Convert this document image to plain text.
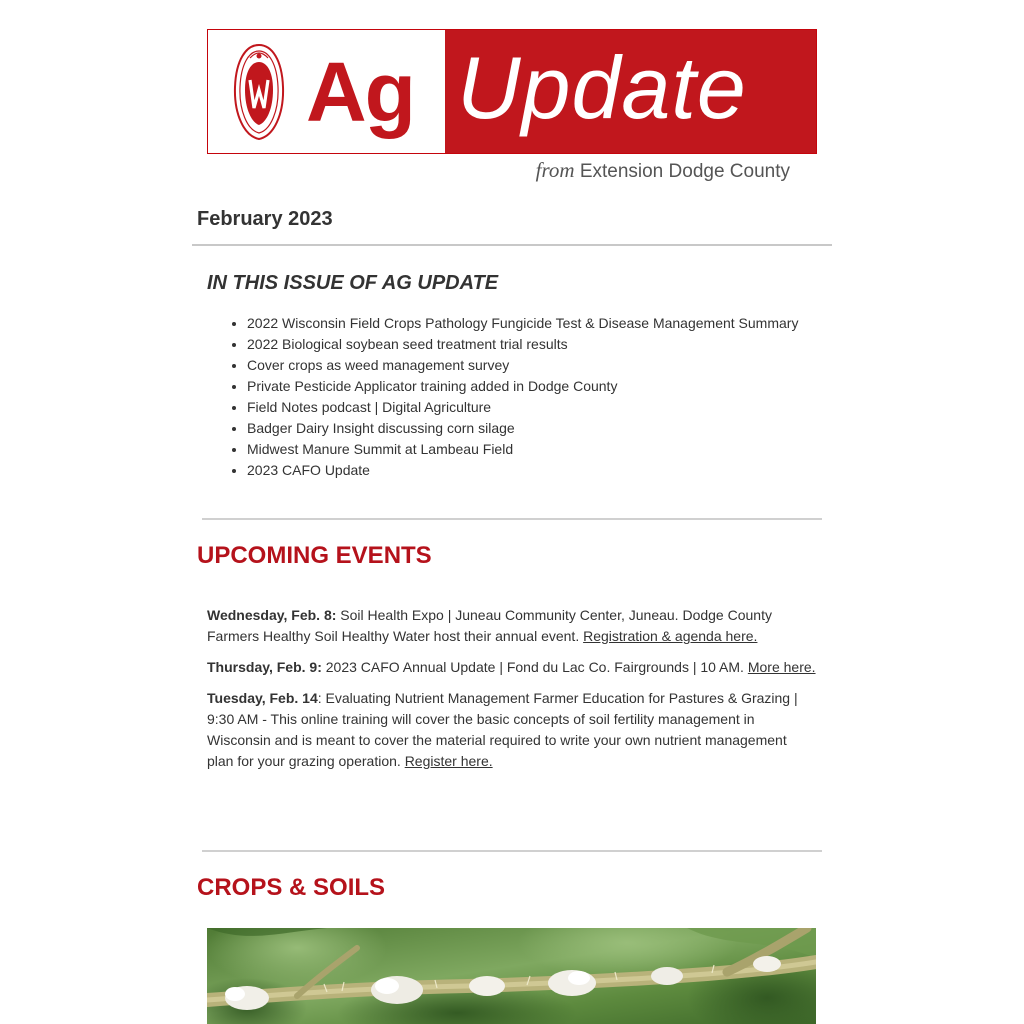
Ag Update
from Extension Dodge County
February 2023
IN THIS ISSUE OF AG UPDATE
• 2022 Wisconsin Field Crops Pathology Fungicide Test & Disease Management Summary
• 2022 Biological soybean seed treatment trial results
• Cover crops as weed management survey
• Private Pesticide Applicator training added in Dodge County
• Field Notes podcast | Digital Agriculture
• Badger Dairy Insight discussing corn silage
• Midwest Manure Summit at Lambeau Field
• 2023 CAFO Update
UPCOMING EVENTS

Wednesday, Feb. 8: Soil Health Expo | Juneau Community Center, Juneau. Dodge County Farmers Healthy Soil Healthy Water host their annual event. Registration & agenda here.

Thursday, Feb. 9: 2023 CAFO Annual Update | Fond du Lac Co. Fairgrounds | 10 AM. More here.

Tuesday, Feb. 14: Evaluating Nutrient Management Farmer Education for Pastures & Grazing | 9:30 AM - This online training will cover the basic concepts of soil fertility management in Wisconsin and is meant to cover the material required to write your own nutrient management plan for your grazing operation. Register here.

CROPS & SOILS
